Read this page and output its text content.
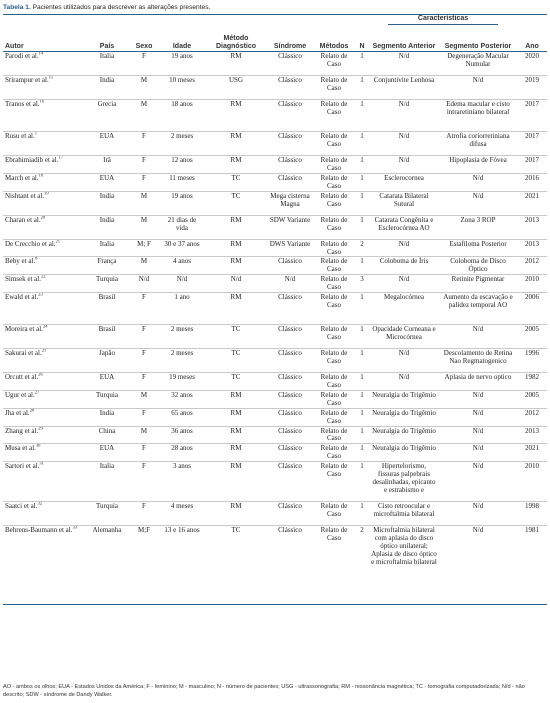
Tabela 1. Pacientes utilizados para descrever as alterações presentes.
								Características		
Autor	País	Sexo	Idade	Método Diagnóstico	Síndrome	Métodos	N	Segmento Anterior	Segmento Posterior	Ano
Parodi et al.$^{14}$	Italia	F	19 anos	RM	Clássico	Relato de Caso	1	N/d	Degeneração Macular Numular	2020
Srirampur et al.$^{15}$	India	M	10 meses	USG	Clássico	Relato de Caso	1	Conjuntivite Lenhosa	N/d	2019
Tranos et al.$^{16}$	Grecia	M	18 anos	RM	Clássico	Relato de Caso	1	N/d	Edema macular e cisto intraretiniano bilateral	2017
Rusu et al.$^1$	EUA	F	2 meses	RM	Clássico	Relato de Caso	1	N/d	Atrofia coriorretiniana difusa	2017
Ebrahimiadib et al.$^{17}$	Irã	F	12 anos	RM	Clássico	Relato de Caso	1	N/d	Hipoplasia de Fóvea	2017
March et al.$^{18}$	EUA	F	11 meses	TC	Clássico	Relato de Caso	1	Esclerocornea	N/d	2016
Nishtant et al.$^{19}$	India	M	19 anos	TC	Mega cisterna Magna	Relato de Caso	1	Catarata Bilateral Sutural	N/d	2021
Charan et al.$^{20}$	India	M	21 dias de vida	RM	SDW Variante	Relato de Caso	1	Catarata Congênita e Esclerocórnea AO	Zona 3 ROP	2013
De Crecchio et al.$^{21}$	Italia	M; F	30 e 37 anos	RM	DWS Variante	Relato de Caso	2	N/d	Estafiloma Posterior	2013
Beby et al.$^8$	França	M	4 anos	RM	Clássico	Relato de Caso	1	Coloboma de Íris	Coloboma de Disco Óptico	2012
Simsek et al.$^{22}$	Turquia	N/d	N/d	N/d	N/d	Relato de Caso	3	N/d	Retinite Pigmentar	2010
Ewald et al.$^{23}$	Brasil	F	1 ano	RM	Clássico	Relato de Caso	1	Megalocórnea	Aumento da escavação e palidez temporal AO	2006
Moreira et al.$^{24}$	Brasil	F	2 meses	TC	Clássico	Relato de Caso	1	Opacidade Corneana e Microcórnea	N/d	2005
Sakurai et al.$^{25}$	Japão	F	2 meses	TC	Clássico	Relato de Caso	1	N/d	Descolamento de Retina Nao Regmatogenico	1996
Orcutt et al.$^{26}$	EUA	F	19 meses	TC	Clássico	Relato de Caso	1	N/d	Aplasia de nervo optico	1982
Ugur et al.$^{27}$	Turquia	M	32 anos	RM	Clássico	Relato de Caso	1	Neuralgia do Trigêmio	N/d	2005
Jha et al.$^{28}$	India	F	65 anos	RM	Clássico	Relato de Caso	1	Neuralgia do Trigêmio	N/d	2012
Zhang et al.$^{29}$	China	M	36 anos	RM	Clássico	Relato de Caso	1	Neuralgia do Trigêmio	N/d	2013
Musa et al.$^{30}$	EUA	F	28 anos	RM	Clássico	Relato de Caso	1	Neuralgia do Trigêmio	N/d	2021
Sartori et al.$^{31}$	Italia	F	3 anos	RM	Clássico	Relato de Caso	1	Hipertelorismo, fissuras palpebrais desalinhadas, epicanto e estrabismo e	N/d	2010
Saatci et al.$^{32}$	Turquia	F	4 meses	RM	Clássico	Relato de Caso	1	Cisto retroocular e microftalmia bilateral	N/d	1998
Behrens-Baumann et al.$^{33}$	Alemanha	M;F	13 e 16 anos	TC	Clássico	Relato de Caso	2	Microftalmia bilateral com aplasia do disco óptico unilateral; Aplasia de disco óptico e microftalmia bilateral	N/d	1981
AO - ambos os olhos; EUA - Estados Unidos da América; F - feminino; M - masculino; N - número de pacientes; USG - ultrassonografia; RM - ressonância magnética; TC - tomografia computadorizada; N/d - não descrito; SDW - síndrome de Dandy Walker.
